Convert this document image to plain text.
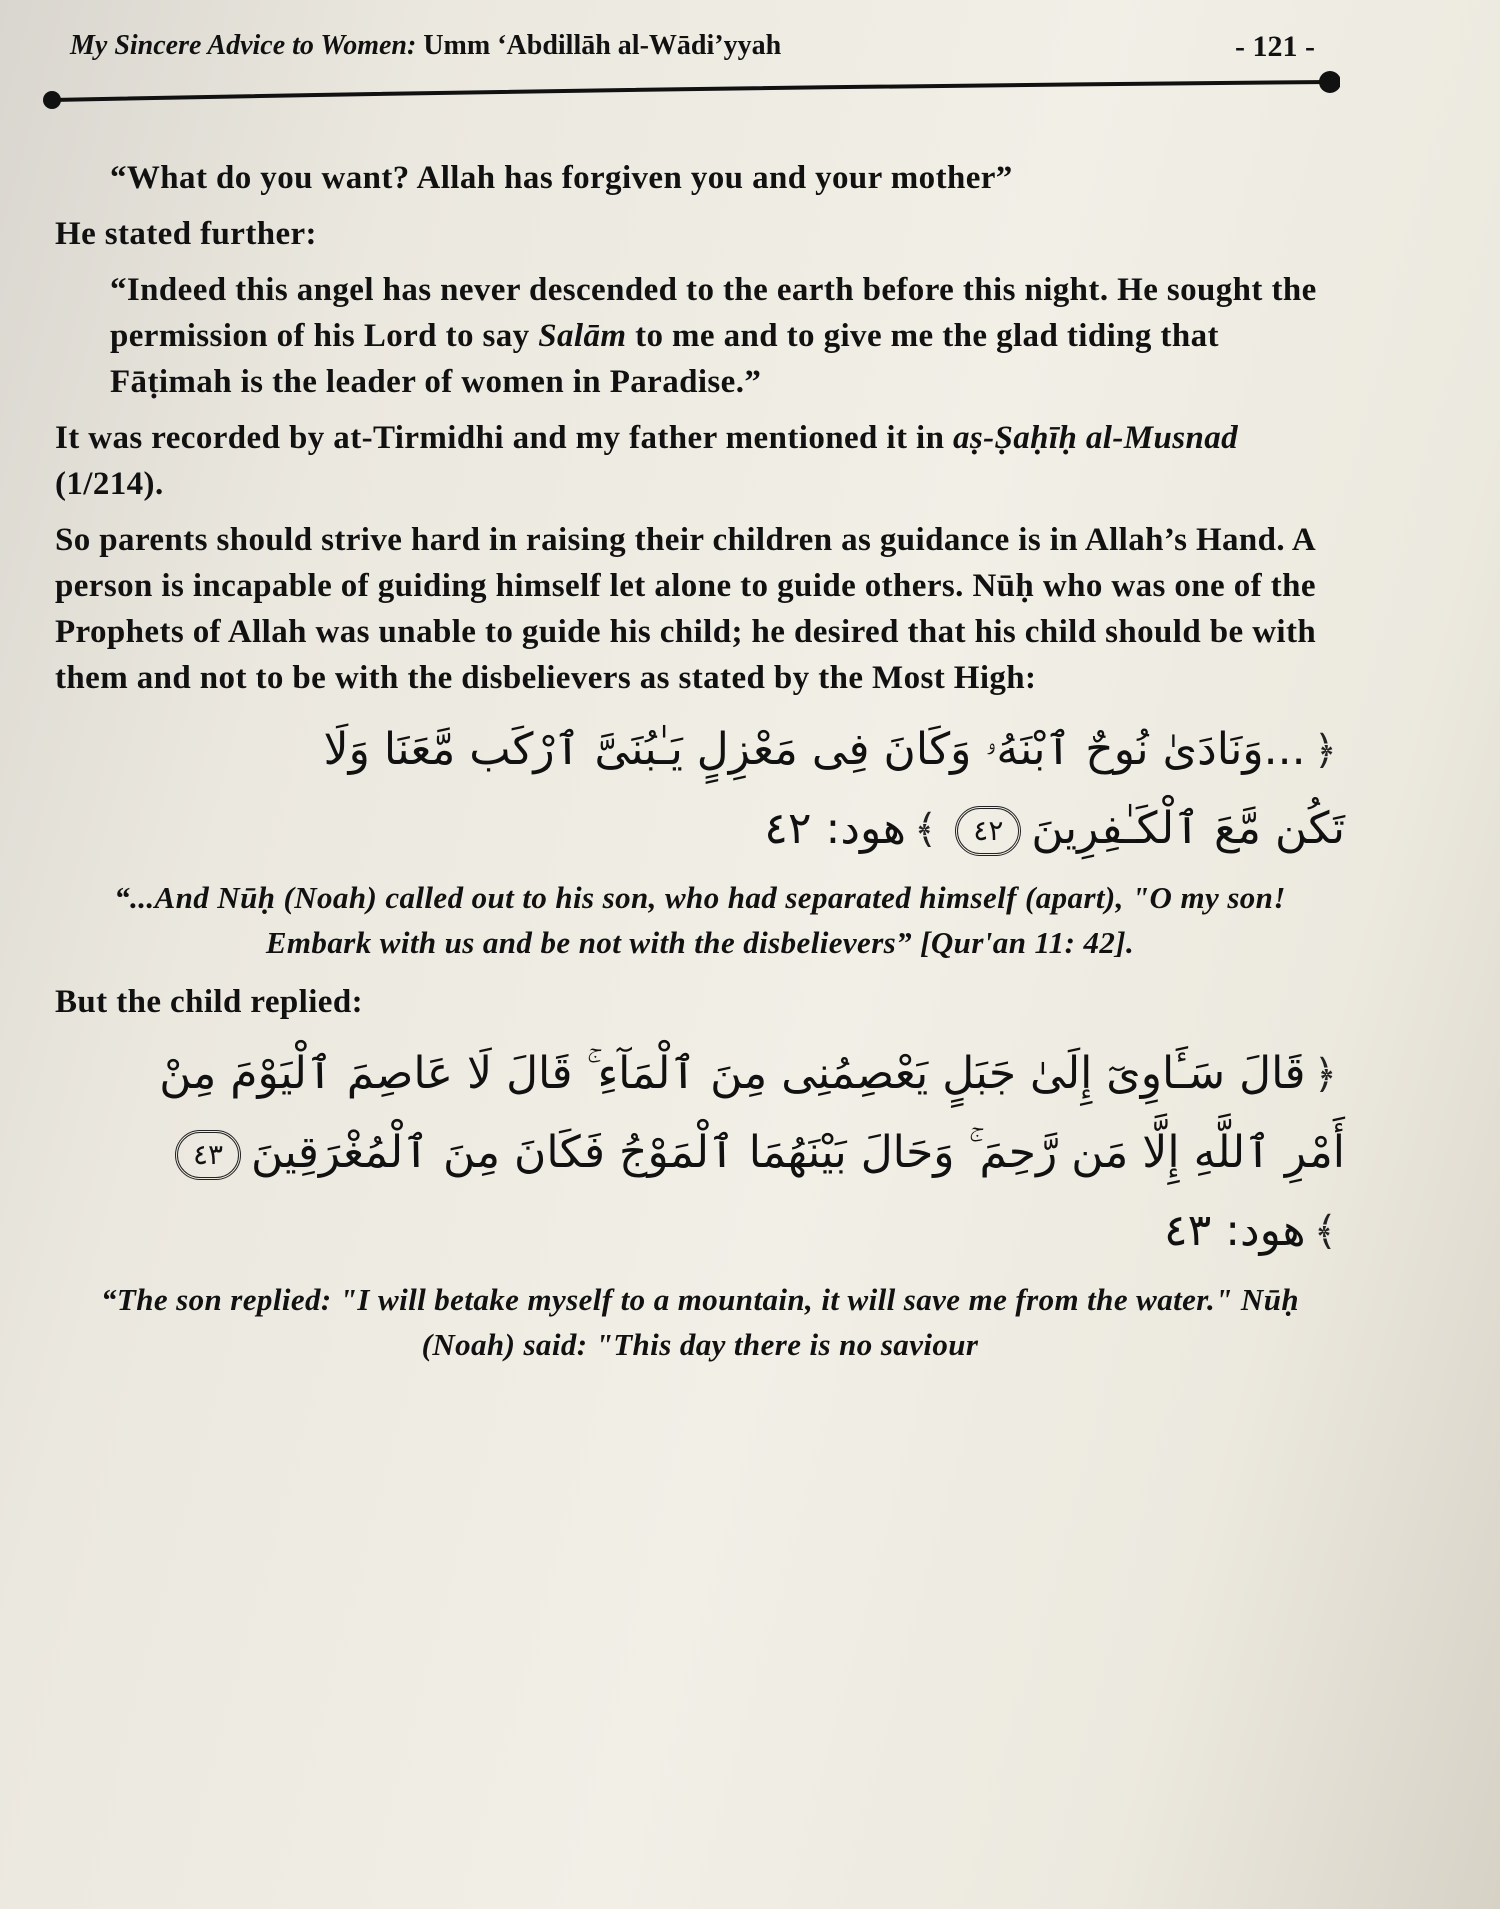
My Sincere Advice to Women: Umm ‘Abdillāh al-Wādi’yyah	- 121 -

“What do you want? Allah has forgiven you and your mother”

He stated further:

“Indeed this angel has never descended to the earth before this night. He sought the permission of his Lord to say Salām to me and to give me the glad tiding that Fāṭimah is the leader of women in Paradise.”

It was recorded by at-Tirmidhi and my father mentioned it in aṣ-Ṣaḥīḥ al-Musnad (1/214).

So parents should strive hard in raising their children as guidance is in Allah’s Hand. A person is incapable of guiding himself let alone to guide others. Nūḥ who was one of the Prophets of Allah was unable to guide his child; he desired that his child should be with them and not to be with the disbelievers as stated by the Most High:

﴿...وَنَادَىٰ نُوحٌ ٱبْنَهُۥ وَكَانَ فِى مَعْزِلٍ يَـٰبُنَىَّ ٱرْكَب مَّعَنَا وَلَا
تَكُن مَّعَ ٱلْكَـٰفِرِينَ٤٢﴾هود: ٤٢

“...And Nūḥ (Noah) called out to his son, who had separated himself (apart), "O my son! Embark with us and be not with the disbelievers” [Qur'an 11: 42].

But the child replied:

﴿قَالَ سَـَٔاوِىٓ إِلَىٰ جَبَلٍ يَعْصِمُنِى مِنَ ٱلْمَآءِ ۚ قَالَ لَا عَاصِمَ ٱلْيَوْمَ مِنْ
أَمْرِ ٱللَّهِ إِلَّا مَن رَّحِمَ ۚ وَحَالَ بَيْنَهُمَا ٱلْمَوْجُ فَكَانَ مِنَ ٱلْمُغْرَقِينَ٤٣
﴾هود: ٤٣

“The son replied: "I will betake myself to a mountain, it will save me from the water." Nūḥ (Noah) said: "This day there is no saviour
